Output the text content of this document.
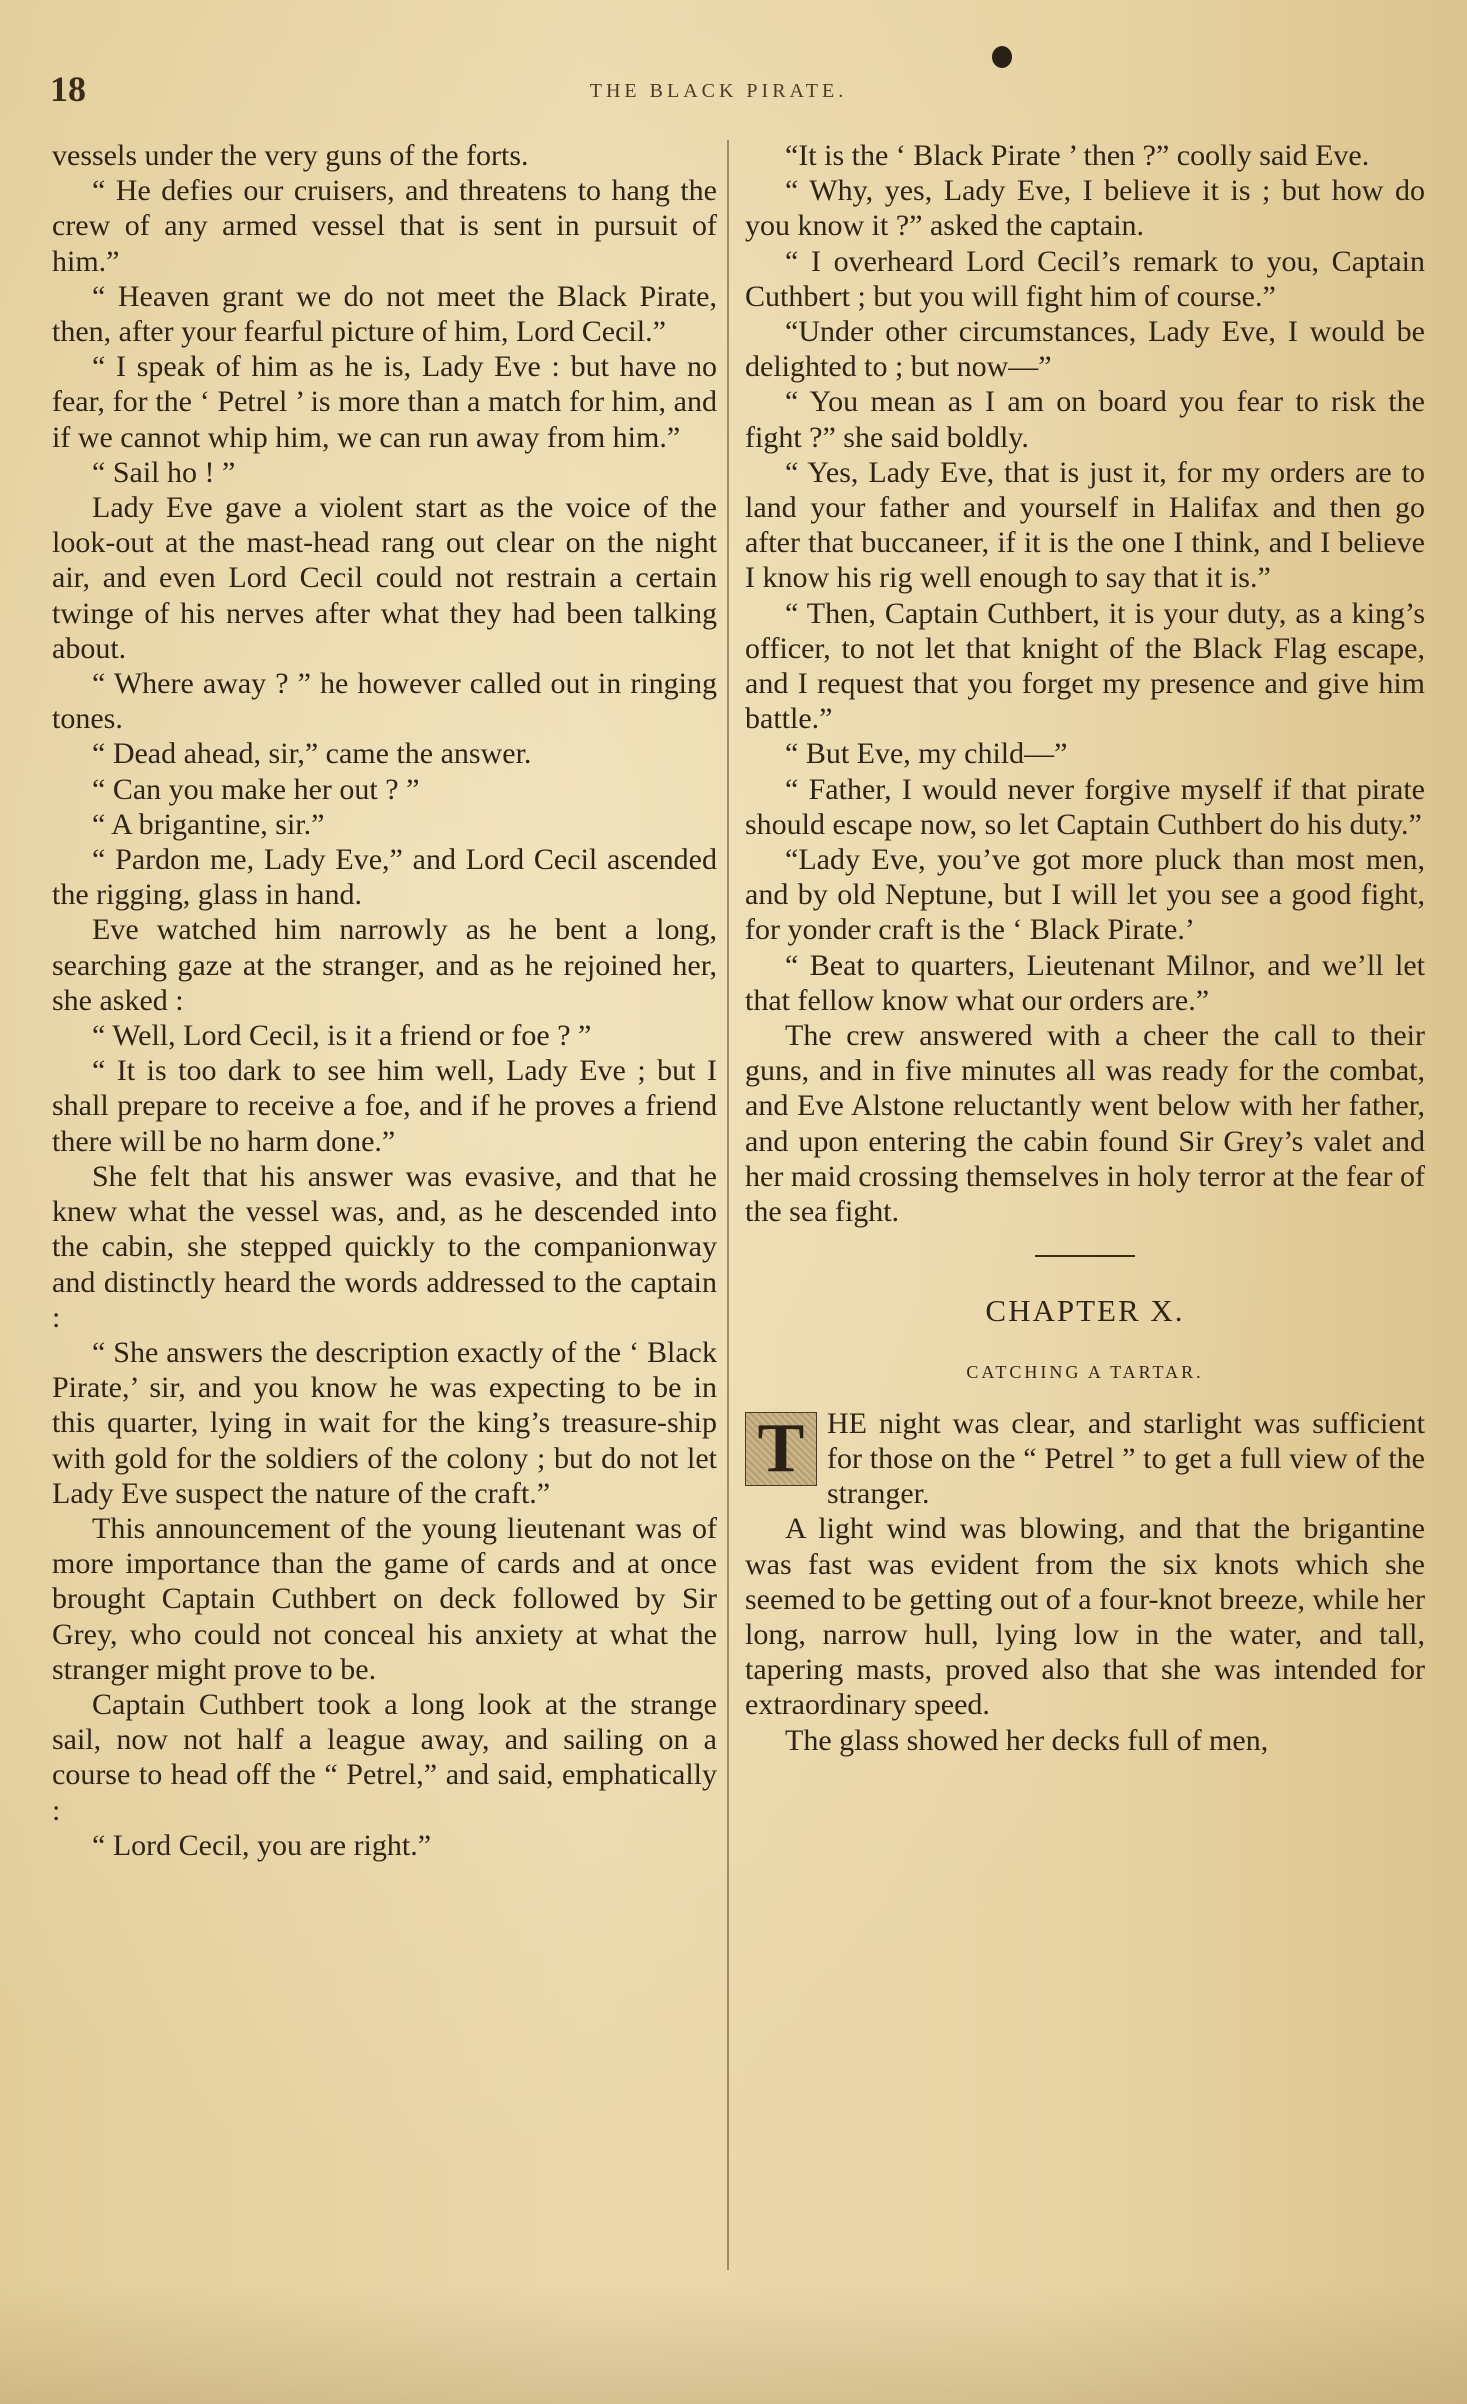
18	THE BLACK PIRATE.

vessels under the very guns of the forts.

“ He defies our cruisers, and threatens to hang the crew of any armed vessel that is sent in pursuit of him.”

“ Heaven grant we do not meet the Black Pirate, then, after your fearful picture of him, Lord Cecil.”

“ I speak of him as he is, Lady Eve : but have no fear, for the ‘ Petrel ’ is more than a match for him, and if we cannot whip him, we can run away from him.”

“ Sail ho ! ”

Lady Eve gave a violent start as the voice of the look-out at the mast-head rang out clear on the night air, and even Lord Cecil could not restrain a certain twinge of his nerves after what they had been talking about.

“ Where away ? ” he however called out in ringing tones.

“ Dead ahead, sir,” came the answer.

“ Can you make her out ? ”

“ A brigantine, sir.”

“ Pardon me, Lady Eve,” and Lord Cecil ascended the rigging, glass in hand.

Eve watched him narrowly as he bent a long, searching gaze at the stranger, and as he rejoined her, she asked :

“ Well, Lord Cecil, is it a friend or foe ? ”

“ It is too dark to see him well, Lady Eve ; but I shall prepare to receive a foe, and if he proves a friend there will be no harm done.”

She felt that his answer was evasive, and that he knew what the vessel was, and, as he descended into the cabin, she stepped quickly to the companionway and distinctly heard the words addressed to the captain :

“ She answers the description exactly of the ‘ Black Pirate,’ sir, and you know he was expecting to be in this quarter, lying in wait for the king’s treasure-ship with gold for the soldiers of the colony ; but do not let Lady Eve suspect the nature of the craft.”

This announcement of the young lieutenant was of more importance than the game of cards and at once brought Captain Cuthbert on deck followed by Sir Grey, who could not conceal his anxiety at what the stranger might prove to be.

Captain Cuthbert took a long look at the strange sail, now not half a league away, and sailing on a course to head off the “ Petrel,” and said, emphatically :

“ Lord Cecil, you are right.”

“It is the ‘ Black Pirate ’ then ?” coolly said Eve.

“ Why, yes, Lady Eve, I believe it is ; but how do you know it ?” asked the captain.

“ I overheard Lord Cecil’s remark to you, Captain Cuthbert ; but you will fight him of course.”

“Under other circumstances, Lady Eve, I would be delighted to ; but now—”

“ You mean as I am on board you fear to risk the fight ?” she said boldly.

“ Yes, Lady Eve, that is just it, for my orders are to land your father and yourself in Halifax and then go after that buccaneer, if it is the one I think, and I believe I know his rig well enough to say that it is.”

“ Then, Captain Cuthbert, it is your duty, as a king’s officer, to not let that knight of the Black Flag escape, and I request that you forget my presence and give him battle.”

“ But Eve, my child—”

“ Father, I would never forgive myself if that pirate should escape now, so let Captain Cuthbert do his duty.”

“Lady Eve, you’ve got more pluck than most men, and by old Neptune, but I will let you see a good fight, for yonder craft is the ‘ Black Pirate.’

“ Beat to quarters, Lieutenant Milnor, and we’ll let that fellow know what our orders are.”

The crew answered with a cheer the call to their guns, and in five minutes all was ready for the combat, and Eve Alstone reluctantly went below with her father, and upon entering the cabin found Sir Grey’s valet and her maid crossing themselves in holy terror at the fear of the sea fight.

CHAPTER X.
CATCHING A TARTAR.

T HE night was clear, and starlight was sufficient for those on the “ Petrel ” to get a full view of the stranger.

A light wind was blowing, and that the brigantine was fast was evident from the six knots which she seemed to be getting out of a four-knot breeze, while her long, narrow hull, lying low in the water, and tall, tapering masts, proved also that she was intended for extraordinary speed.

The glass showed her decks full of men,
